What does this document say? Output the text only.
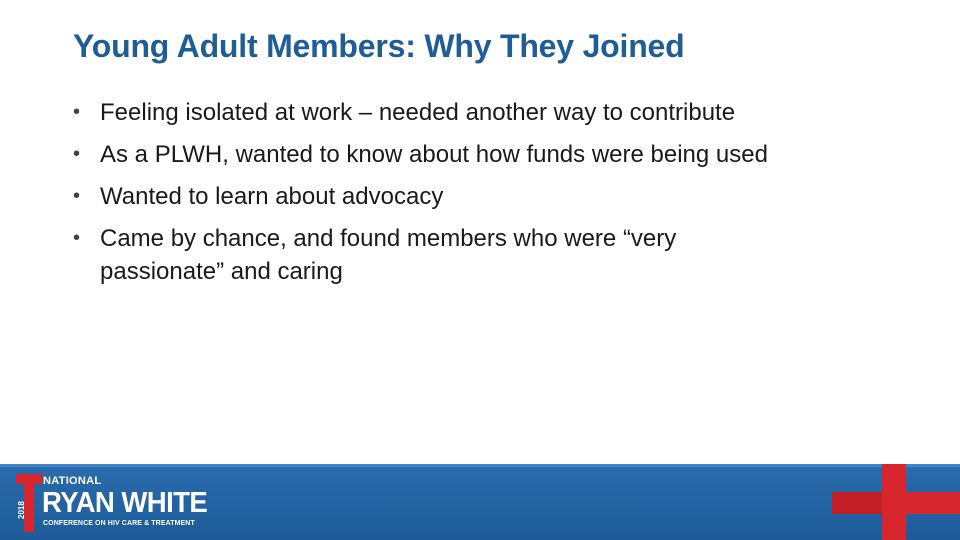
Young Adult Members: Why They Joined
• Feeling isolated at work – needed another way to contribute
• As a PLWH, wanted to know about how funds were being used
• Wanted to learn about advocacy
• Came by chance, and found members who were “very passionate” and caring
2018
NATIONAL
RYAN WHITE
CONFERENCE ON HIV CARE & TREATMENT
